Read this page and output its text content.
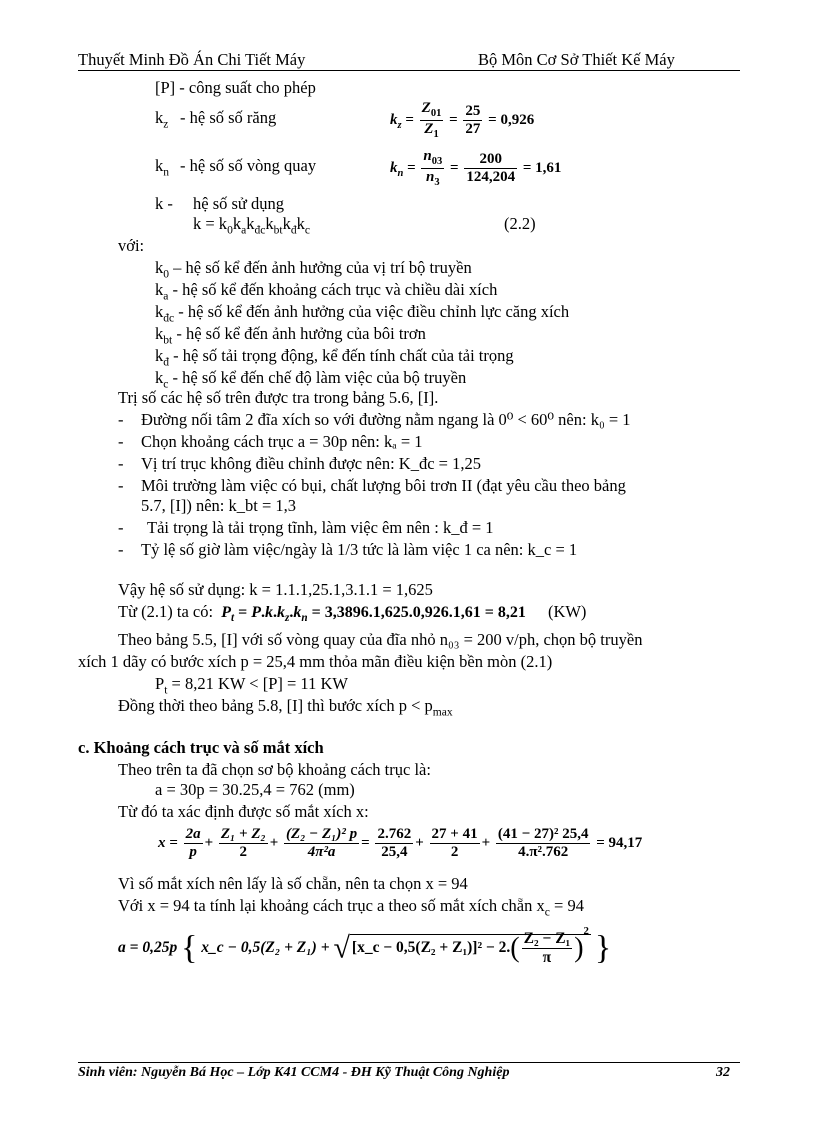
Thuyết Minh Đồ Án Chi Tiết Máy	Bộ Môn Cơ Sở Thiết Kế Máy
[P] - công suất cho phép
$k_z$ - hệ số số răng	$k_z = \frac{Z_{01}}{Z_1} = \frac{25}{27} = 0,926$
$k_n$ - hệ số số vòng quay	$k_n = \frac{n_{03}}{n_3} = \frac{200}{124,204} = 1,61$
k - hệ số sử dụng
$k = k_0k_ak_{đc}k_{bt}k_đk_c$	(2.2)
với:
$k_0$ – hệ số kể đến ảnh hưởng của vị trí bộ truyền
$k_a$ - hệ số kể đến khoảng cách trục và chiều dài xích
$k_{đc}$ - hệ số kể đến ảnh hưởng của việc điều chỉnh lực căng xích
$k_{bt}$ - hệ số kể đến ảnh hưởng của bôi trơn
$k_đ$ - hệ số tải trọng động, kể đến tính chất của tải trọng
$k_c$ - hệ số kể đến chế độ làm việc của bộ truyền
Trị số các hệ số trên được tra trong bảng 5.6, [I].
- Đường nối tâm 2 đĩa xích so với đường nằm ngang là 0⁰ < 60⁰ nên: k₀ = 1
- Chọn khoảng cách trục a = 30p nên: kₐ = 1
- Vị trí trục không điều chỉnh được nên: K_đc = 1,25
- Môi trường làm việc có bụi, chất lượng bôi trơn II (đạt yêu cầu theo bảng
5.7, [I]) nên: k_bt = 1,3
- Tải trọng là tải trọng tĩnh, làm việc êm nên : k_đ = 1
- Tỷ lệ số giờ làm việc/ngày là 1/3 tức là làm việc 1 ca nên: k_c = 1
Vậy hệ số sử dụng: k = 1.1.1,25.1,3.1.1 = 1,625
Từ (2.1) ta có: $P_t = P.k.k_z.k_n = 3,3896.1,625.0,926.1,61 = 8,21$ (KW)
Theo bảng 5.5, [I] với số vòng quay của đĩa nhỏ n₀₃ = 200 v/ph, chọn bộ truyền
xích 1 dãy có bước xích p = 25,4 mm thỏa mãn điều kiện bền mòn (2.1)
$P_t = 8,21$ KW < [P] = 11 KW
Đồng thời theo bảng 5.8, [I] thì bước xích $p < p_{max}$
c. Khoảng cách trục và số mắt xích
Theo trên ta đã chọn sơ bộ khoảng cách trục là:
a = 30p = 30.25,4 = 762 (mm)
Từ đó ta xác định được số mắt xích x:
$x = \frac{2a}{p} + \frac{\text{Z₁ + Z₂}}{2} + \frac{\text{(Z₂ − Z₁)² p}}{\text{4π²a}} = \frac{2.762}{25,4} + \frac{27 + 41}{2} + \frac{\text{(41 − 27)² 25,4}}{\text{4.π².762}} = 94,17$
Vì số mắt xích nên lấy là số chẵn, nên ta chọn x = 94
Với x = 94 ta tính lại khoảng cách trục a theo số mắt xích chẵn $x_c = 94$
a = 0,25p { x_c − 0,5(Z₂ + Z₁) + √ [x_c − $0,5(Z_2 + Z_1)]^2 - 2.( \frac{\text{Z₂ − Z₁}}{\pi} )^2$ }
Sinh viên: Nguyễn Bá Học – Lớp K41 CCM4 - ĐH Kỹ Thuật Công Nghiệp	32
